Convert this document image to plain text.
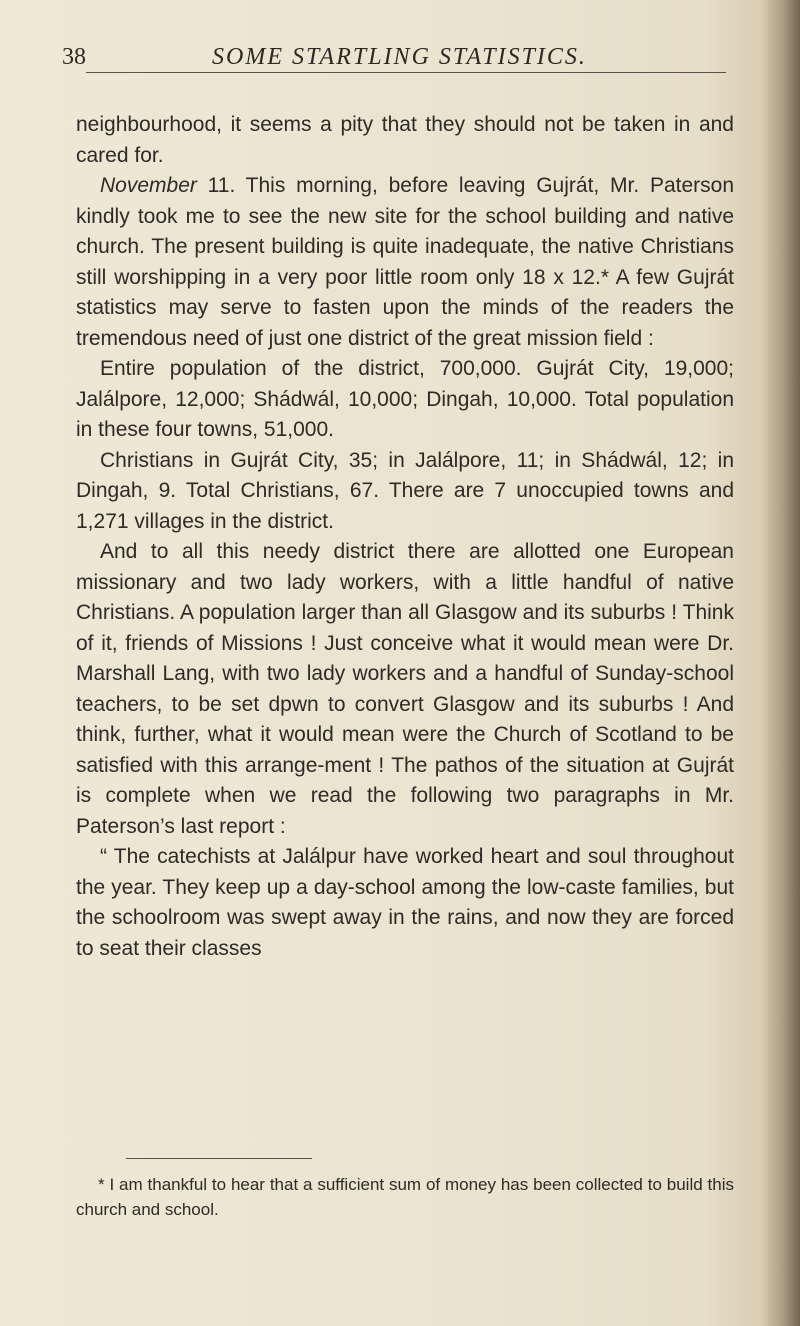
38	SOME STARTLING STATISTICS.

neighbourhood, it seems a pity that they should not be taken in and cared for.

November 11. This morning, before leaving Gujrát, Mr. Paterson kindly took me to see the new site for the school building and native church. The present building is quite inadequate, the native Christians still worshipping in a very poor little room only 18 x 12.* A few Gujrát statistics may serve to fasten upon the minds of the readers the tremendous need of just one district of the great mission field :

Entire population of the district, 700,000. Gujrát City, 19,000; Jalálpore, 12,000; Shádwál, 10,000; Dingah, 10,000. Total population in these four towns, 51,000.

Christians in Gujrát City, 35; in Jalálpore, 11; in Shádwál, 12; in Dingah, 9. Total Christians, 67. There are 7 unoccupied towns and 1,271 villages in the district.

And to all this needy district there are allotted one European missionary and two lady workers, with a little handful of native Christians. A population larger than all Glasgow and its suburbs ! Think of it, friends of Missions ! Just conceive what it would mean were Dr. Marshall Lang, with two lady workers and a handful of Sunday-school teachers, to be set dpwn to convert Glasgow and its suburbs ! And think, further, what it would mean were the Church of Scotland to be satisfied with this arrange-ment ! The pathos of the situation at Gujrát is complete when we read the following two paragraphs in Mr. Paterson’s last report :

“ The catechists at Jalálpur have worked heart and soul throughout the year. They keep up a day-school among the low-caste families, but the schoolroom was swept away in the rains, and now they are forced to seat their classes

* I am thankful to hear that a sufficient sum of money has been collected to build this church and school.
